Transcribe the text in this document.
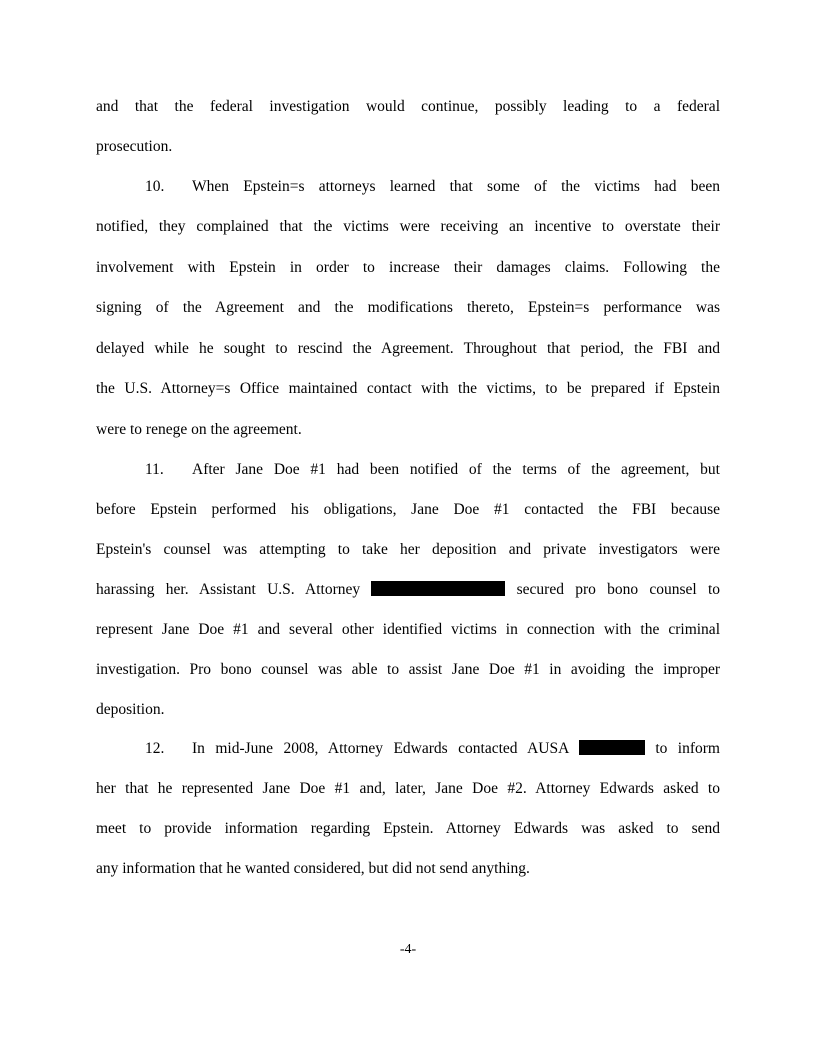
and that the federal investigation would continue, possibly leading to a federal
prosecution.
10. When Epstein=s attorneys learned that some of the victims had been
notified, they complained that the victims were receiving an incentive to overstate their
involvement with Epstein in order to increase their damages claims. Following the
signing of the Agreement and the modifications thereto, Epstein=s performance was
delayed while he sought to rescind the Agreement. Throughout that period, the FBI and
the U.S. Attorney=s Office maintained contact with the victims, to be prepared if Epstein
were to renege on the agreement.
11. After Jane Doe #1 had been notified of the terms of the agreement, but
before Epstein performed his obligations, Jane Doe #1 contacted the FBI because
Epstein's counsel was attempting to take her deposition and private investigators were
harassing her. Assistant U.S. Attorney	secured pro bono counsel to
represent Jane Doe #1 and several other identified victims in connection with the criminal
investigation. Pro bono counsel was able to assist Jane Doe #1 in avoiding the improper
deposition.
12. In mid-June 2008, Attorney Edwards contacted AUSA	to inform
her that he represented Jane Doe #1 and, later, Jane Doe #2. Attorney Edwards asked to
meet to provide information regarding Epstein. Attorney Edwards was asked to send
any information that he wanted considered, but did not send anything.
-4-
